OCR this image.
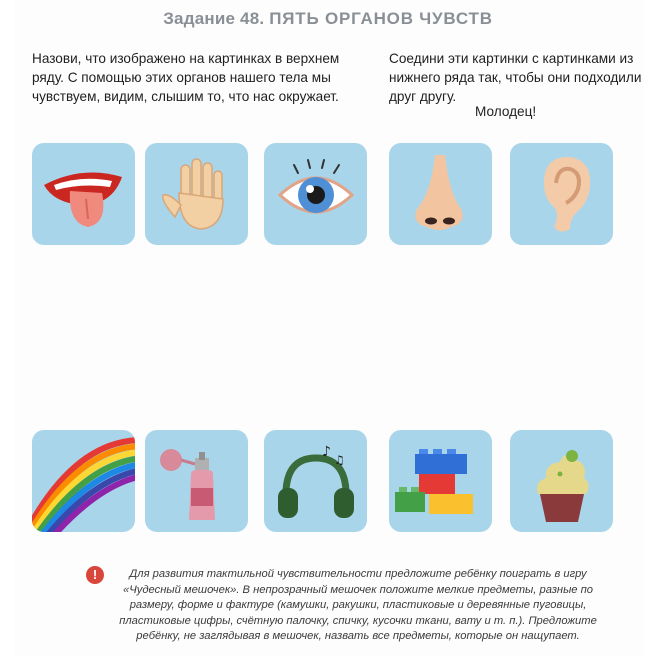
Задание 48. ПЯТЬ ОРГАНОВ ЧУВСТВ
Назови, что изображено на картинках в верхнем ряду. С помощью этих органов нашего тела мы чувствуем, видим, слышим то, что нас окружает.
Соедини эти картинки с картинками из нижнего ряда так, чтобы они подходили друг другу.
Молодец!
♪ ♫
!	Для развития тактильной чувствительности предложите ребёнку поиграть в игру «Чудесный мешочек». В непрозрачный мешочек положите мелкие предметы, разные по размеру, форме и фактуре (камушки, ракушки, пластиковые и деревянные пуговицы, пластиковые цифры, счётную палочку, спичку, кусочки ткани, вату и т. п.). Предложите ребёнку, не заглядывая в мешочек, назвать все предметы, которые он нащупает.
